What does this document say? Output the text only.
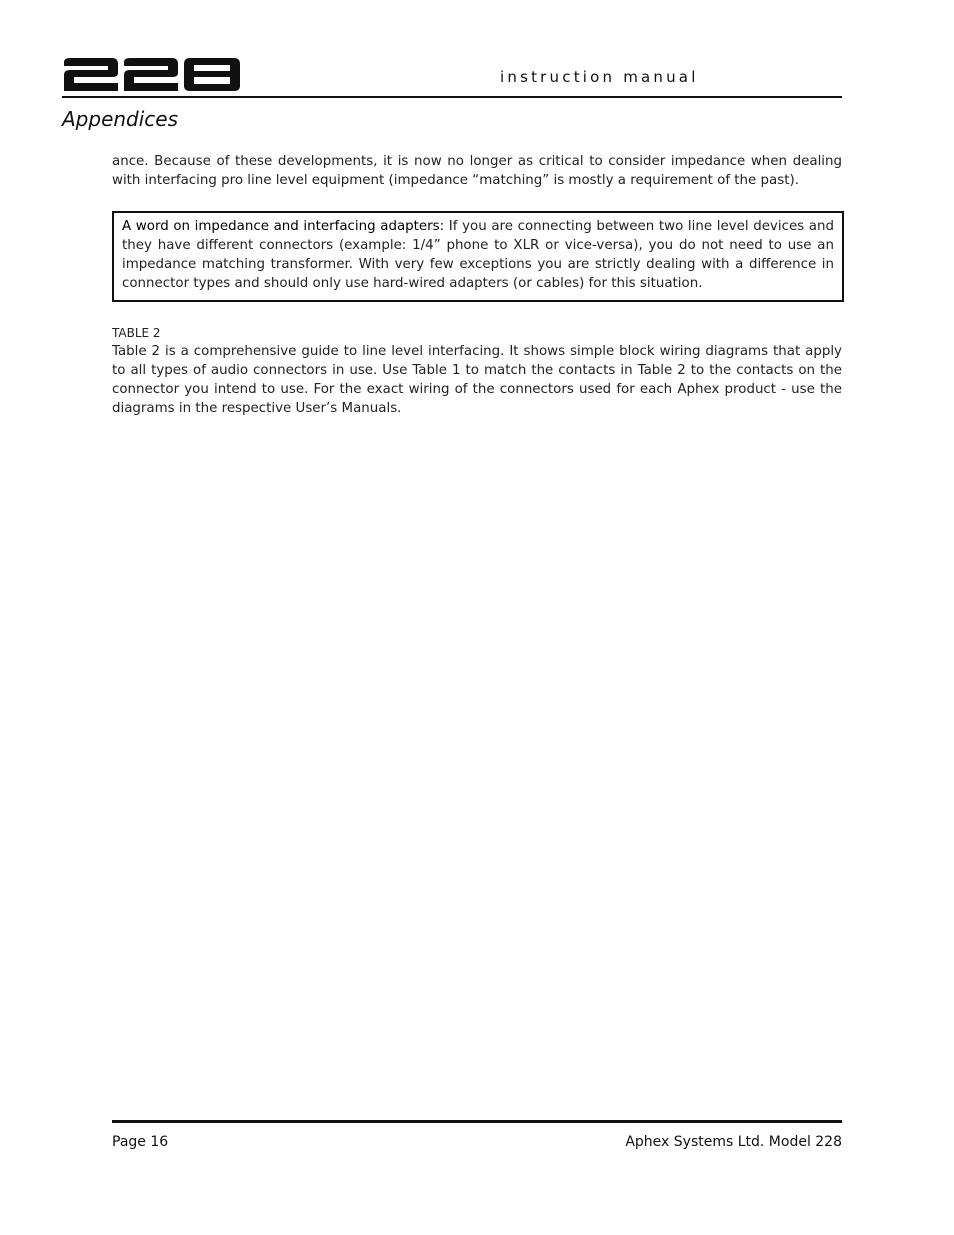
instruction manual
Appendices
ance. Because of these developments, it is now no longer as critical to consider impedance when dealing with interfacing pro line level equipment (impedance “matching” is mostly a requirement of the past).
A word on impedance and interfacing adapters: If you are connecting between two line level devices and they have different connectors (example: 1/4” phone to XLR or vice-versa), you do not need to use an impedance matching transformer. With very few exceptions you are strictly dealing with a difference in connector types and should only use hard-wired adapters (or cables) for this situation.
TABLE 2
Table 2 is a comprehensive guide to line level interfacing. It shows simple block wiring diagrams that apply to all types of audio connectors in use. Use Table 1 to match the contacts in Table 2 to the contacts on the connector you intend to use. For the exact wiring of the connectors used for each Aphex product - use the diagrams in the respective User’s Manuals.
Page 16	Aphex Systems Ltd. Model 228
